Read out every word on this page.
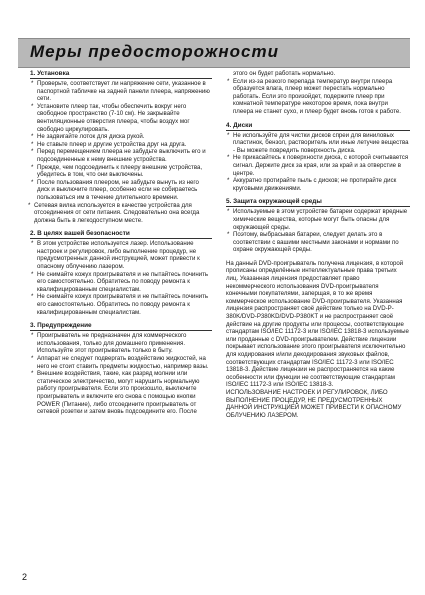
Меры предосторожности
1. Установка
* Проверьте, соответствует ли напряжение сети, указанное в паспортной табличке на задней панели плеера, напряжению сети.
* Установите плеер так, чтобы обеспечить вокруг него свободное пространство (7-10 см). Не закрывайте вентиляционные отверстия плеера, чтобы воздух мог свободно циркулировать.
* Не задвигайте лоток для диска рукой.
* Не ставьте плеер и другие устройства друг на друга.
* Перед перемещением плеера не забудьте выключить его и подсоединенные к нему внешние устройства.
* Прежде, чем подсоединить к плееру внешние устройства, убедитесь в том, что они выключены.
* После пользования плеером, не забудьте вынуть из него диск и выключите плеер, особенно если не собираетесь пользоваться им в течение длительного времени.
* Сетевая вилка используется в качестве устройства для отсоединения от сети питания. Следовательно она всегда должна быть в легкодоступном месте.
2. В целях вашей безопасности
* В этом устройстве используется лазер. Использование настроек и регулировок, либо выполнение процедур, не предусмотренных данной инструкцией, может привести к опасному облучению лазером.
* Не снимайте кожух проигрывателя и не пытайтесь починить его самостоятельно. Обратитесь по поводу ремонта к квалифицированным специалистам.
* Не снимайте кожух проигрывателя и не пытайтесь починить его самостоятельно. Обратитесь по поводу ремонта к квалифицированным специалистам.
3. Предупреждение
* Проигрыватель не предназначен для коммерческого использования, только для домашнего применения. Используйте этот проигрыватель только в быту.
* Аппарат не следует подвергать воздействию жидкостей, на него не стоит ставить предметы жидкостью, например вазы.
* Внешние воздействия, такие, как разряд молнии или статическое электричество, могут нарушить нормальную работу проигрывателя. Если это произошло, выключите проигрыватель и включите его снова с помощью кнопки POWER (Питание), либо отсоедините проигрыватель от сетевой розетки и затем вновь подсоедините его. После
этого он будет работать нормально.
* Если из-за резкого перепада температур внутри плеера образуется влага, плеер может перестать нормально работать. Если это произойдет, подержите плеер при комнатной температуре некоторое время, пока внутри плеера не станет сухо, и плеер будет вновь готов к работе.
4. Диски
* Не используйте для чистки дисков спреи для виниловых пластинок, бензол, растворитель или иные летучие вещества - Вы можете повредить поверхность диска.
* Не прикасайтесь к поверхности диска, с которой считывается сигнал. Держите диск за края, или за край и за отверстие в центре.
* Аккуратно протирайте пыль с дисков; не протирайте диск круговыми движениями.
5. Защита окружающей среды
* Используемые в этом устройстве батареи содержат вредные химические вещества, которые могут быть опасны для окружающей среды.
* Поэтому, выбрасывая батареи, следует делать это в соответствии с вашими местными законами и нормами по охране окружающей среды.

На данный DVD-проигрыватель получена лицензия, в которой прописаны определённые интеллектуальные права третьих лиц. Указанная лицензия предоставляет право некоммерческого использования DVD-проигрывателя конечными покупателями, заперщая, в то же время коммерческое использование DVD-проигрывателя. Указанная лицензия распространяет своё действие только на DVD-P-380K/DVD-P380KD/DVD-P380KT и не распространяет своё действие на другие продукты или процессы, соответствующие стандартам ISO/IEC 11172-3 или ISO/IEC 13818-3 используемые или проданные с DVD-проигрывателем. Действие лицензии покрывает использование этого проигрывателя исключительно для кодирования и/или декодирования звуковых файлов, соответствующих стандартам ISO/IEC 11172-3 или ISO/IEC 13818-3. Действие лицензии не распространяется на какие особенности или функции не соответствующие стандартам ISO/IEC 11172-3 или ISO/IEC 13818-3.

ИСПОЛЬЗОВАНИЕ НАСТРОЕК И РЕГУЛИРОВОК, ЛИБО ВЫПОЛНЕНИЕ ПРОЦЕДУР, НЕ ПРЕДУСМОТРЕННЫХ ДАННОЙ ИНСТРУКЦИЕЙ МОЖЕТ ПРИВЕСТИ К ОПАСНОМУ ОБЛУЧЕНИЮ ЛАЗЕРОМ.

2
